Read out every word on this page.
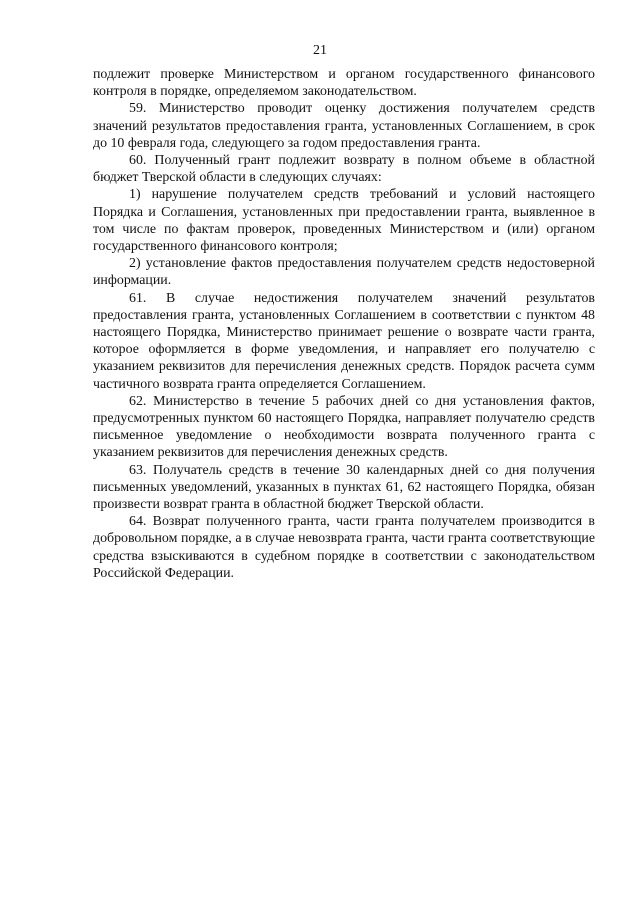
21

подлежит проверке Министерством и органом государственного финансового контроля в порядке, определяемом законодательством.

59. Министерство проводит оценку достижения получателем средств значений результатов предоставления гранта, установленных Соглашением, в срок до 10 февраля года, следующего за годом предоставления гранта.

60. Полученный грант подлежит возврату в полном объеме в областной бюджет Тверской области в следующих случаях:

1) нарушение получателем средств требований и условий настоящего Порядка и Соглашения, установленных при предоставлении гранта, выявленное в том числе по фактам проверок, проведенных Министерством и (или) органом государственного финансового контроля;

2) установление фактов предоставления получателем средств недостоверной информации.

61. В случае недостижения получателем значений результатов предоставления гранта, установленных Соглашением в соответствии с пунктом 48 настоящего Порядка, Министерство принимает решение о возврате части гранта, которое оформляется в форме уведомления, и направляет его получателю с указанием реквизитов для перечисления денежных средств. Порядок расчета сумм частичного возврата гранта определяется Соглашением.

62. Министерство в течение 5 рабочих дней со дня установления фактов, предусмотренных пунктом 60 настоящего Порядка, направляет получателю средств письменное уведомление о необходимости возврата полученного гранта с указанием реквизитов для перечисления денежных средств.

63. Получатель средств в течение 30 календарных дней со дня получения письменных уведомлений, указанных в пунктах 61, 62 настоящего Порядка, обязан произвести возврат гранта в областной бюджет Тверской области.

64. Возврат полученного гранта, части гранта получателем производится в добровольном порядке, а в случае невозврата гранта, части гранта соответствующие средства взыскиваются в судебном порядке в соответствии с законодательством Российской Федерации.
